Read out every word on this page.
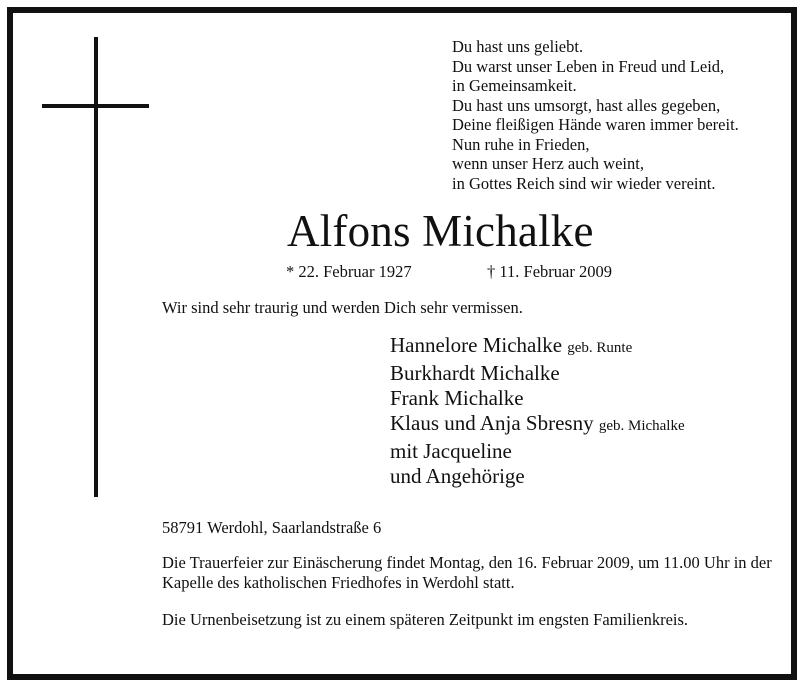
Du hast uns geliebt.
Du warst unser Leben in Freud und Leid,
in Gemeinsamkeit.
Du hast uns umsorgt, hast alles gegeben,
Deine fleißigen Hände waren immer bereit.
Nun ruhe in Frieden,
wenn unser Herz auch weint,
in Gottes Reich sind wir wieder vereint.
Alfons Michalke
* 22. Februar 1927	† 11. Februar 2009
Wir sind sehr traurig und werden Dich sehr vermissen.
Hannelore Michalke geb. Runte
Burkhardt Michalke
Frank Michalke
Klaus und Anja Sbresny geb. Michalke
mit Jacqueline
und Angehörige
58791 Werdohl, Saarlandstraße 6
Die Trauerfeier zur Einäscherung findet Montag, den 16. Februar 2009, um 11.00 Uhr in der Kapelle des katholischen Friedhofes in Werdohl statt.
Die Urnenbeisetzung ist zu einem späteren Zeitpunkt im engsten Familienkreis.
